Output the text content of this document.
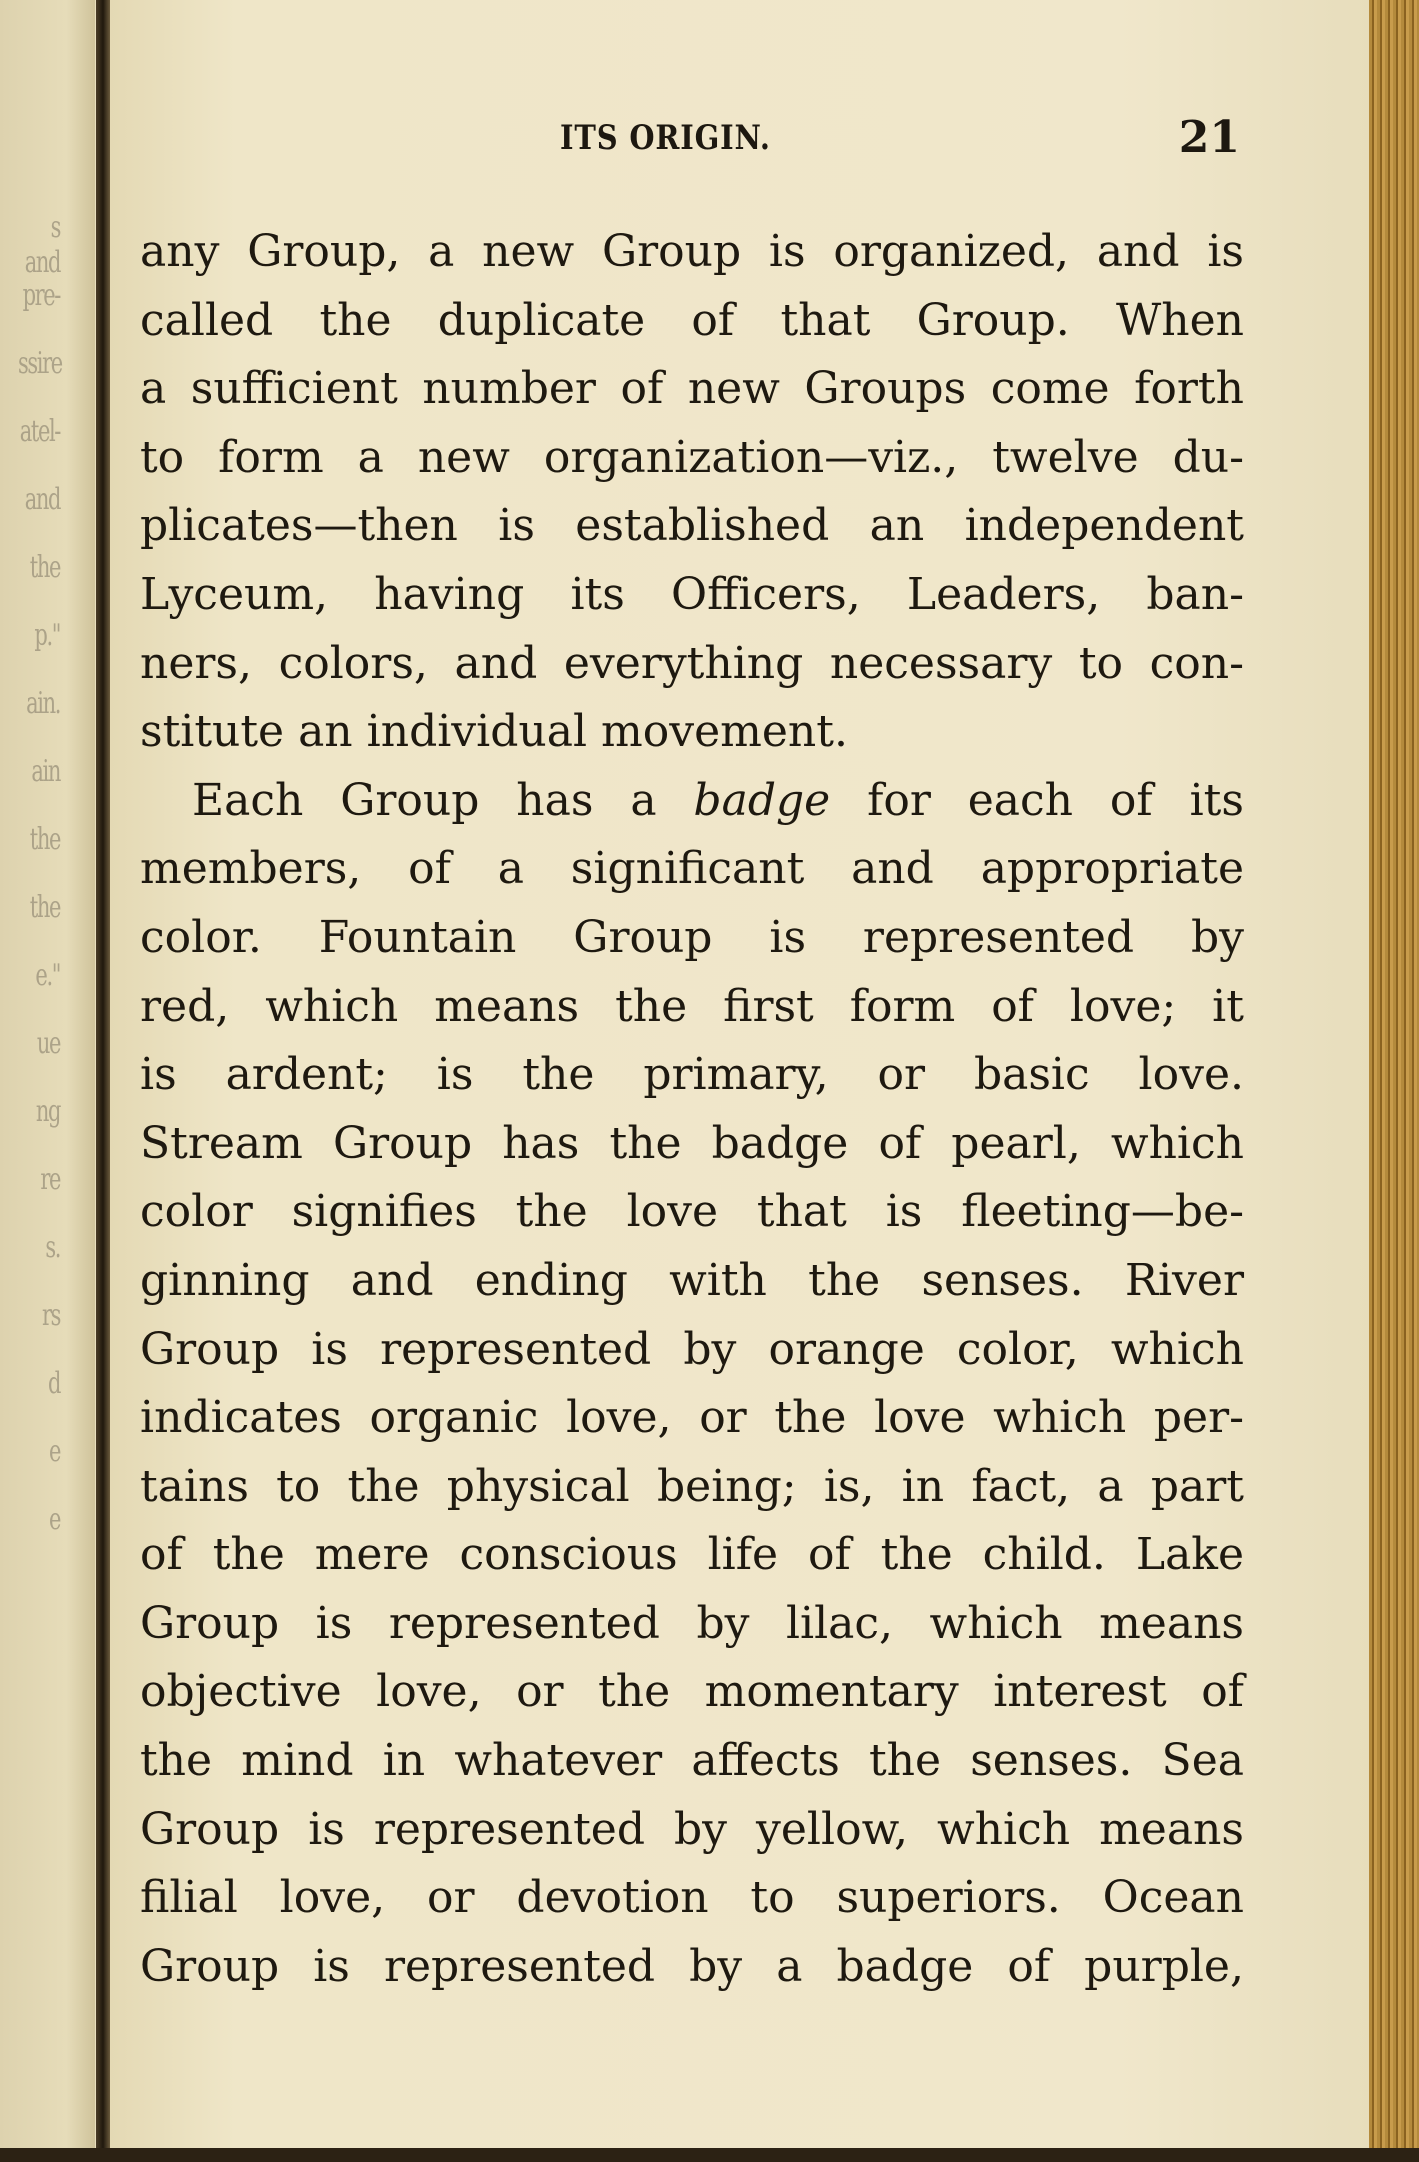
s and
pre-
ssire
atel-
and
the
p."
ain.
ain
the
the
e."
ue
ng
re
s.
rs
d
e
e
ITS ORIGIN.	21
any Group, a new Group is organized, and is
called the duplicate of that Group. When
a sufficient number of new Groups come forth
to form a new organization—viz., twelve du-
plicates—then is established an independent
Lyceum, having its Officers, Leaders, ban-
ners, colors, and everything necessary to con-
stitute an individual movement.
Each Group has a badge for each of its
members, of a significant and appropriate
color. Fountain Group is represented by
red, which means the first form of love; it
is ardent; is the primary, or basic love.
Stream Group has the badge of pearl, which
color signifies the love that is fleeting—be-
ginning and ending with the senses. River
Group is represented by orange color, which
indicates organic love, or the love which per-
tains to the physical being; is, in fact, a part
of the mere conscious life of the child. Lake
Group is represented by lilac, which means
objective love, or the momentary interest of
the mind in whatever affects the senses. Sea
Group is represented by yellow, which means
filial love, or devotion to superiors. Ocean
Group is represented by a badge of purple,
